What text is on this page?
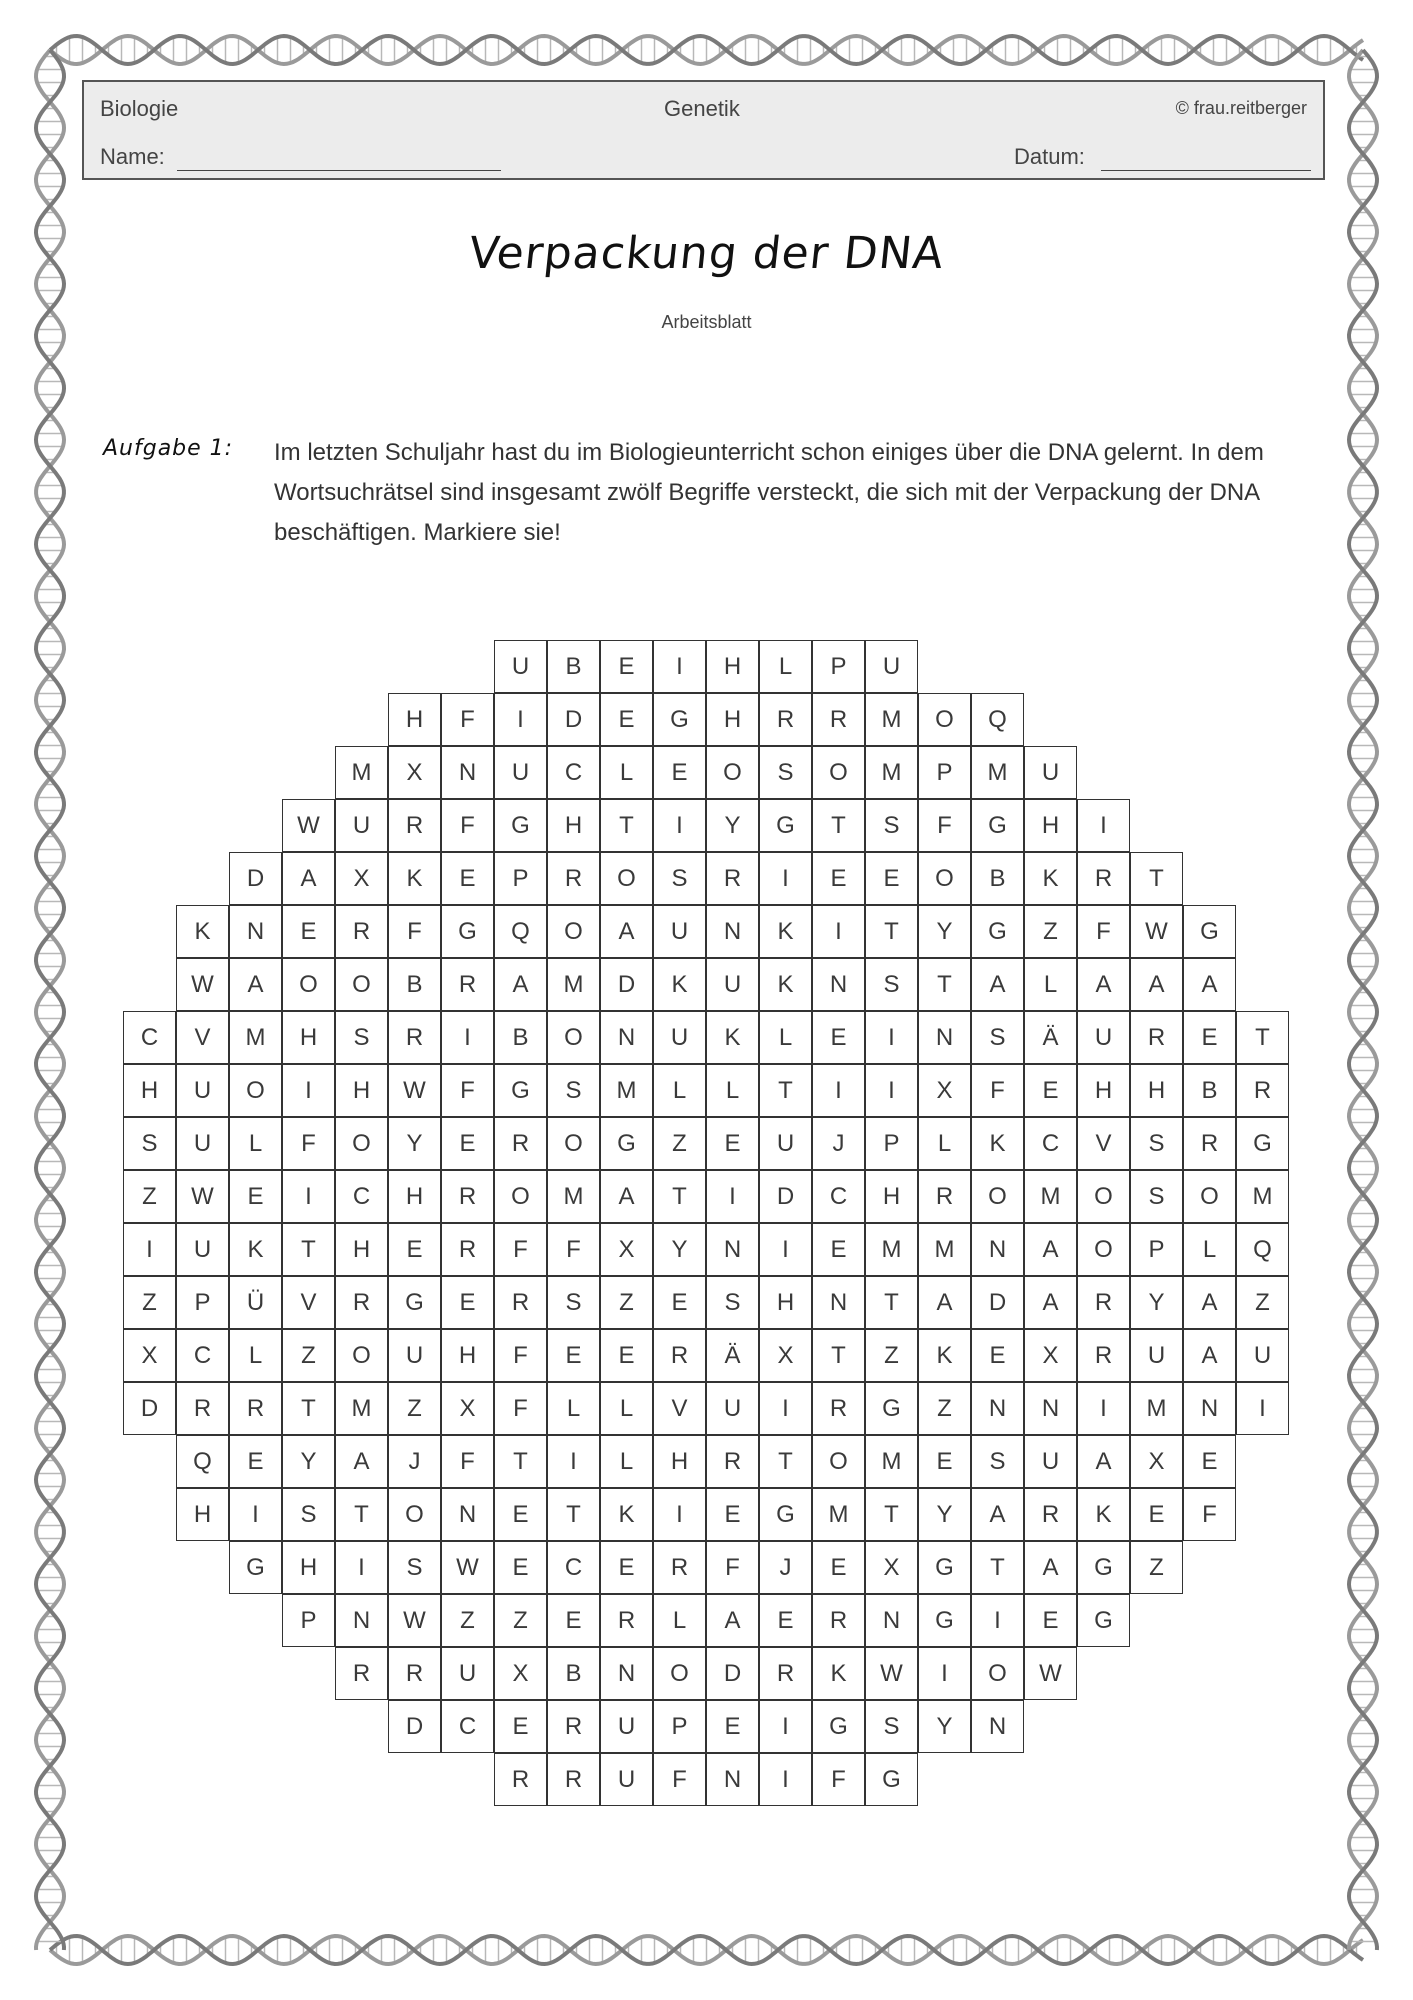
Biologie	Genetik	© frau.reitberger
Name:	Datum:
Verpackung der DNA
Arbeitsblatt
Aufgabe 1: Im letzten Schuljahr hast du im Biologieunterricht schon einiges über die DNA gelernt. In dem Wortsuchrätsel sind insgesamt zwölf Begriffe versteckt, die sich mit der Verpackung der DNA beschäftigen. Markiere sie!
U	B	E	I	H	L	P	U
H	F	I	D	E	G	H	R	R	M	O	Q
M	X	N	U	C	L	E	O	S	O	M	P	M	U
W	U	R	F	G	H	T	I	Y	G	T	S	F	G	H	I
D	A	X	K	E	P	R	O	S	R	I	E	E	O	B	K	R	T
K	N	E	R	F	G	Q	O	A	U	N	K	I	T	Y	G	Z	F	W	G
W	A	O	O	B	R	A	M	D	K	U	K	N	S	T	A	L	A	A	A
C	V	M	H	S	R	I	B	O	N	U	K	L	E	I	N	S	Ä	U	R	E	T
H	U	O	I	H	W	F	G	S	M	L	L	T	I	I	X	F	E	H	H	B	R
S	U	L	F	O	Y	E	R	O	G	Z	E	U	J	P	L	K	C	V	S	R	G
Z	W	E	I	C	H	R	O	M	A	T	I	D	C	H	R	O	M	O	S	O	M
I	U	K	T	H	E	R	F	F	X	Y	N	I	E	M	M	N	A	O	P	L	Q
Z	P	Ü	V	R	G	E	R	S	Z	E	S	H	N	T	A	D	A	R	Y	A	Z
X	C	L	Z	O	U	H	F	E	E	R	Ä	X	T	Z	K	E	X	R	U	A	U
D	R	R	T	M	Z	X	F	L	L	V	U	I	R	G	Z	N	N	I	M	N	I
Q	E	Y	A	J	F	T	I	L	H	R	T	O	M	E	S	U	A	X	E
H	I	S	T	O	N	E	T	K	I	E	G	M	T	Y	A	R	K	E	F
G	H	I	S	W	E	C	E	R	F	J	E	X	G	T	A	G	Z
P	N	W	Z	Z	E	R	L	A	E	R	N	G	I	E	G
R	R	U	X	B	N	O	D	R	K	W	I	O	W
D	C	E	R	U	P	E	I	G	S	Y	N
R	R	U	F	N	I	F	G
